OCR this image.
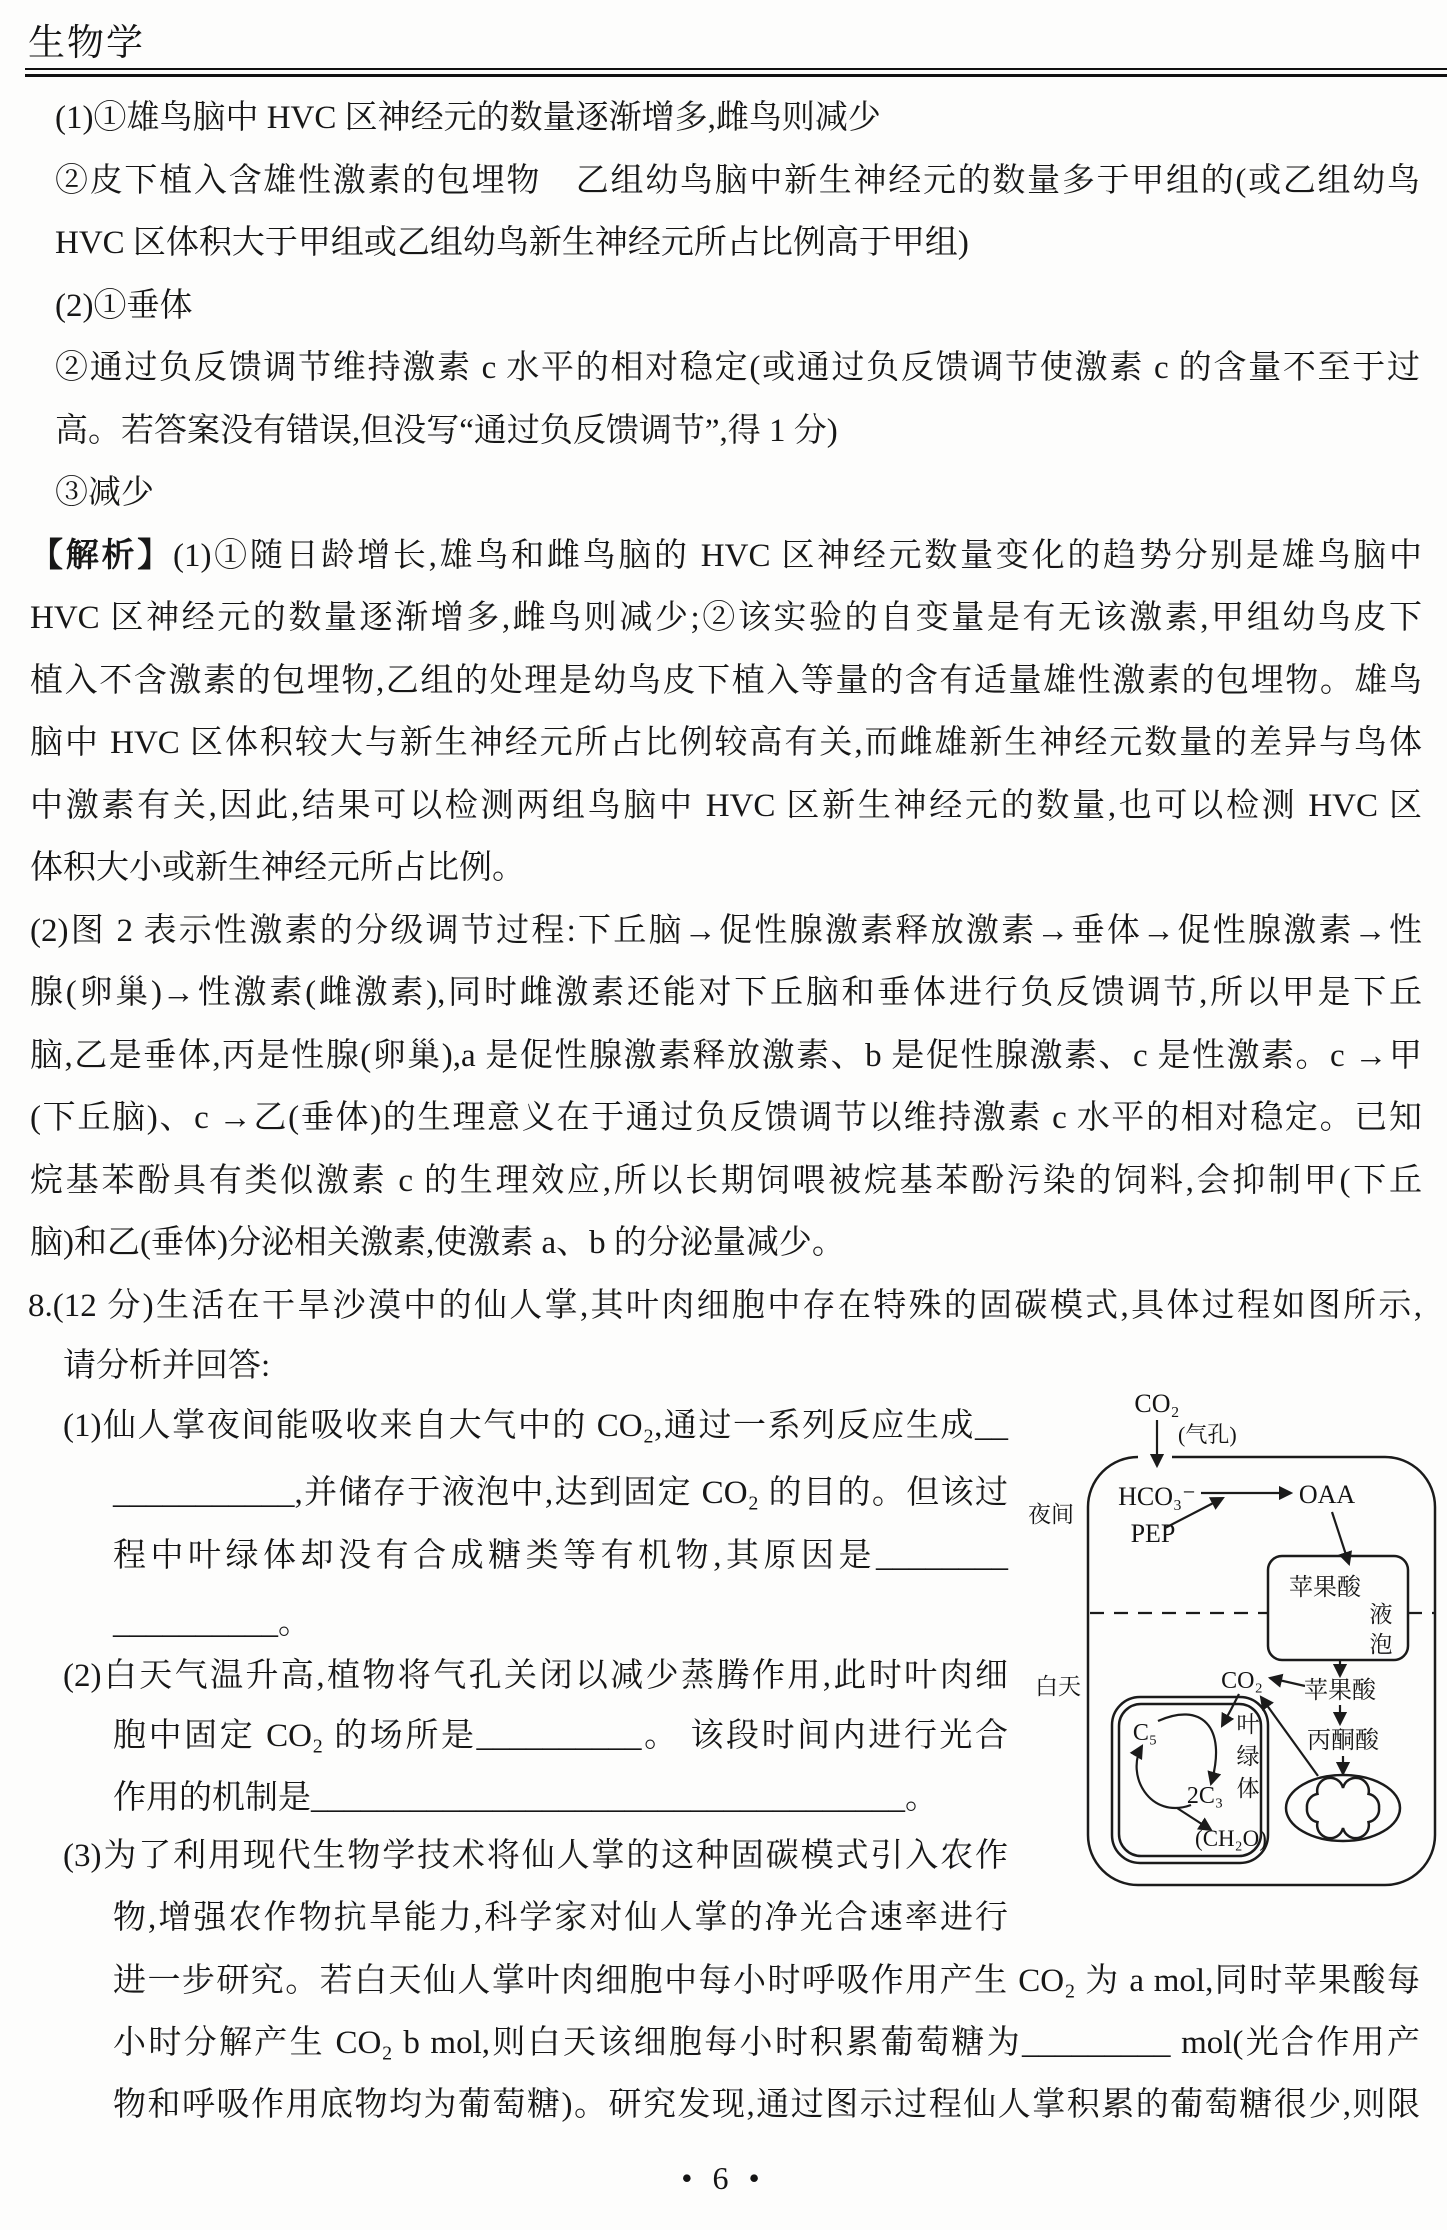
生物学
(1)①雄鸟脑中 HVC 区神经元的数量逐渐增多,雌鸟则减少
②皮下植入含雄性激素的包埋物　乙组幼鸟脑中新生神经元的数量多于甲组的(或乙组幼鸟
HVC 区体积大于甲组或乙组幼鸟新生神经元所占比例高于甲组)
(2)①垂体
②通过负反馈调节维持激素 c 水平的相对稳定(或通过负反馈调节使激素 c 的含量不至于过
高。若答案没有错误,但没写“通过负反馈调节”,得 1 分)
③减少
【解析】(1)①随日龄增长,雄鸟和雌鸟脑的 HVC 区神经元数量变化的趋势分别是雄鸟脑中
HVC 区神经元的数量逐渐增多,雌鸟则减少;②该实验的自变量是有无该激素,甲组幼鸟皮下
植入不含激素的包埋物,乙组的处理是幼鸟皮下植入等量的含有适量雄性激素的包埋物。雄鸟
脑中 HVC 区体积较大与新生神经元所占比例较高有关,而雌雄新生神经元数量的差异与鸟体
中激素有关,因此,结果可以检测两组鸟脑中 HVC 区新生神经元的数量,也可以检测 HVC 区
体积大小或新生神经元所占比例。
(2)图 2 表示性激素的分级调节过程:下丘脑→促性腺激素释放激素→垂体→促性腺激素→性
腺(卵巢)→性激素(雌激素),同时雌激素还能对下丘脑和垂体进行负反馈调节,所以甲是下丘
脑,乙是垂体,丙是性腺(卵巢),a 是促性腺激素释放激素、b 是促性腺激素、c 是性激素。c →甲
(下丘脑)、c →乙(垂体)的生理意义在于通过负反馈调节以维持激素 c 水平的相对稳定。已知
烷基苯酚具有类似激素 c 的生理效应,所以长期饲喂被烷基苯酚污染的饲料,会抑制甲(下丘
脑)和乙(垂体)分泌相关激素,使激素 a、b 的分泌量减少。
8.(12 分)生活在干旱沙漠中的仙人掌,其叶肉细胞中存在特殊的固碳模式,具体过程如图所示,
请分析并回答:
(1)仙人掌夜间能吸收来自大气中的 CO₂,通过一系列反应生成__
___________,并储存于液泡中,达到固定 CO₂ 的目的。但该过
程中叶绿体却没有合成糖类等有机物,其原因是________
__________。
(2)白天气温升高,植物将气孔关闭以减少蒸腾作用,此时叶肉细
胞中固定 CO₂ 的场所是__________。 该段时间内进行光合
作用的机制是____________________________________。
(3)为了利用现代生物学技术将仙人掌的这种固碳模式引入农作
物,增强农作物抗旱能力,科学家对仙人掌的净光合速率进行
进一步研究。若白天仙人掌叶肉细胞中每小时呼吸作用产生 CO₂ 为 a mol,同时苹果酸每
小时分解产生 CO₂ b mol,则白天该细胞每小时积累葡萄糖为_________ mol(光合作用产
物和呼吸作用底物均为葡萄糖)。研究发现,通过图示过程仙人掌积累的葡萄糖很少,则限
夜间
白天
CO₂
(气孔)
HCO₃⁻	OAA
PEP
苹果酸
液
泡
苹果酸
CO₂
丙酮酸
叶
绿
体
C₅
2C₃
(CH₂O)
• 6 •
